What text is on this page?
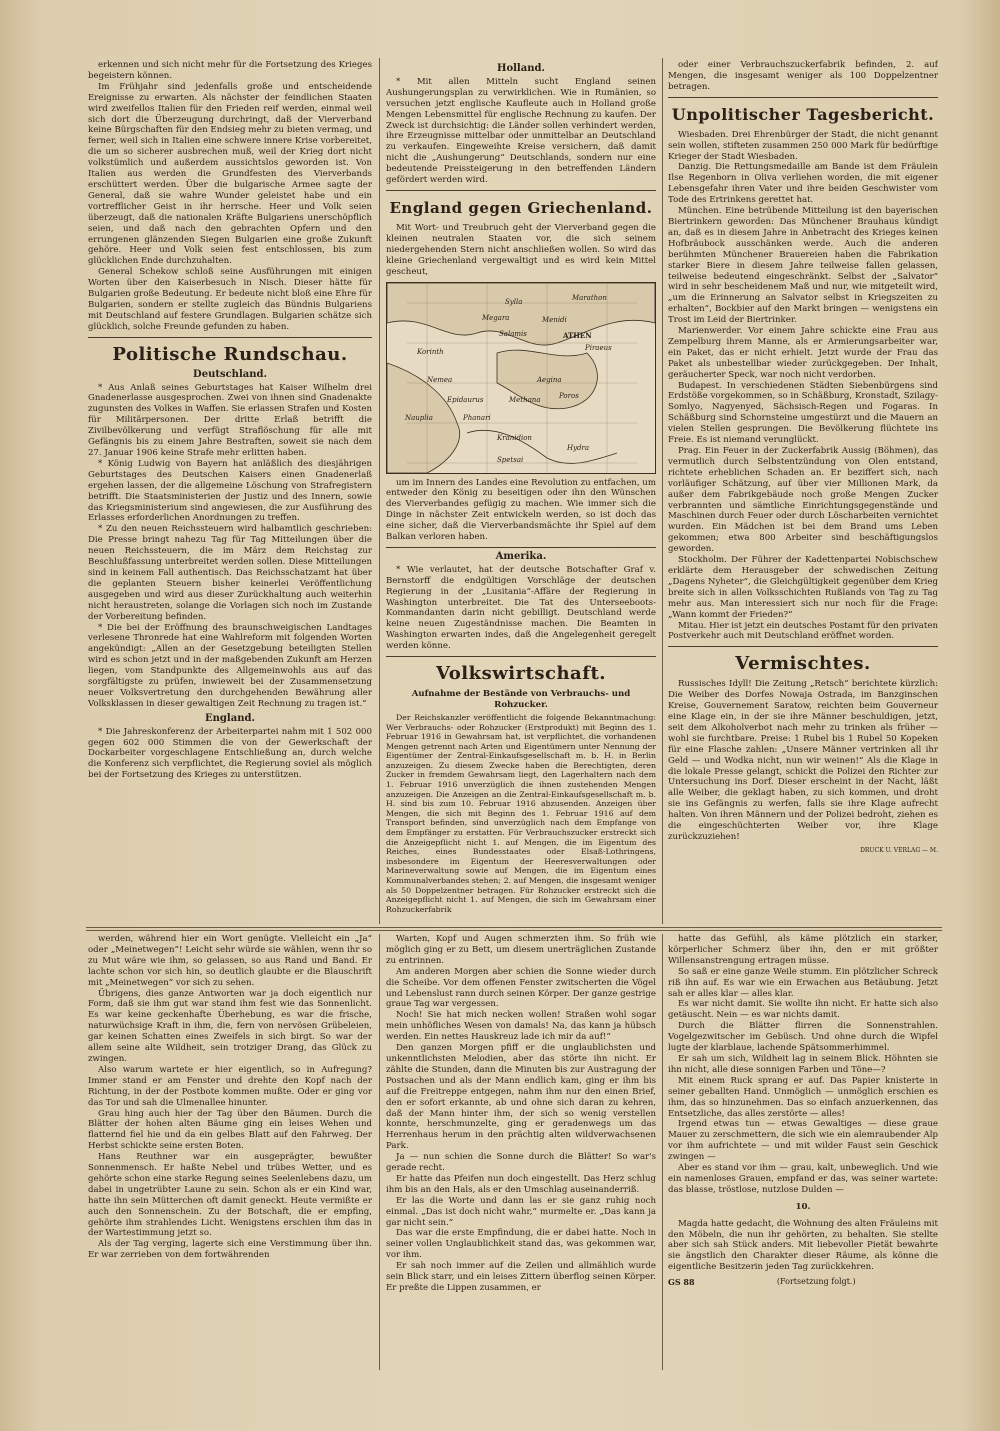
erkennen und sich nicht mehr für die Fortsetzung des Krieges begeistern können.

Im Frühjahr sind jedenfalls große und entscheidende Ereignisse zu erwarten. Als nächster der feindlichen Staaten wird zweifellos Italien für den Frieden reif werden, einmal weil sich dort die Überzeugung durchringt, daß der Vierverband keine Bürgschaften für den Endsieg mehr zu bieten vermag, und ferner, weil sich in Italien eine schwere innere Krise vorbereitet, die um so sicherer ausbrechen muß, weil der Krieg dort nicht volkstümlich und außerdem aussichtslos geworden ist. Von Italien aus werden die Grundfesten des Vierverbands erschüttert werden. Über die bulgarische Armee sagte der General, daß sie wahre Wunder geleistet habe und ein vortrefflicher Geist in ihr herrsche. Heer und Volk seien überzeugt, daß die nationalen Kräfte Bulgariens unerschöpflich seien, und daß nach den gebrachten Opfern und den errungenen glänzenden Siegen Bulgarien eine große Zukunft gehöre. Heer und Volk seien fest entschlossen, bis zum glücklichen Ende durchzuhalten.

General Schekow schloß seine Ausführungen mit einigen Worten über den Kaiserbesuch in Nisch. Dieser hätte für Bulgarien große Bedeutung. Er bedeute nicht bloß eine Ehre für Bulgarien, sondern er stellte zugleich das Bündnis Bulgariens mit Deutschland auf festere Grundlagen. Bulgarien schätze sich glücklich, solche Freunde gefunden zu haben.

Politische Rundschau.
Deutschland.

* Aus Anlaß seines Geburtstages hat Kaiser Wilhelm drei Gnadenerlasse ausgesprochen. Zwei von ihnen sind Gnadenakte zugunsten des Volkes in Waffen. Sie erlassen Strafen und Kosten für Militärpersonen. Der dritte Erlaß betrifft die Zivilbevölkerung und verfügt Straflöschung für alle mit Gefängnis bis zu einem Jahre Bestraften, soweit sie nach dem 27. Januar 1906 keine Strafe mehr erlitten haben.

* König Ludwig von Bayern hat anläßlich des diesjährigen Geburtstages des Deutschen Kaisers einen Gnadenerlaß ergehen lassen, der die allgemeine Löschung von Strafregistern betrifft. Die Staatsministerien der Justiz und des Innern, sowie das Kriegsministerium sind angewiesen, die zur Ausführung des Erlasses erforderlichen Anordnungen zu treffen.

* Zu den neuen Reichssteuern wird halbamtlich geschrieben: Die Presse bringt nahezu Tag für Tag Mitteilungen über die neuen Reichssteuern, die im März dem Reichstag zur Beschlußfassung unterbreitet werden sollen. Diese Mitteilungen sind in keinem Fall authentisch. Das Reichsschatzamt hat über die geplanten Steuern bisher keinerlei Veröffentlichung ausgegeben und wird aus dieser Zurückhaltung auch weiterhin nicht heraustreten, solange die Vorlagen sich noch im Zustande der Vorbereitung befinden.

* Die bei der Eröffnung des braunschweigischen Landtages verlesene Thronrede hat eine Wahlreform mit folgenden Worten angekündigt: „Allen an der Gesetzgebung beteiligten Stellen wird es schon jetzt und in der maßgebenden Zukunft am Herzen liegen, vom Standpunkte des Allgemeinwohls aus auf das sorgfältigste zu prüfen, inwieweit bei der Zusammensetzung neuer Volksvertretung den durchgehenden Bewährung aller Volksklassen in dieser gewaltigen Zeit Rechnung zu tragen ist.“

England.

* Die Jahreskonferenz der Arbeiterpartei nahm mit 1 502 000 gegen 602 000 Stimmen die von der Gewerkschaft der Dockarbeiter vorgeschlagene Entschließung an, durch welche die Konferenz sich verpflichtet, die Regierung soviel als möglich bei der Fortsetzung des Krieges zu unterstützen.

Holland.

* Mit allen Mitteln sucht England seinen Aushungerungsplan zu verwirklichen. Wie in Rumänien, so versuchen jetzt englische Kaufleute auch in Holland große Mengen Lebensmittel für englische Rechnung zu kaufen. Der Zweck ist durchsichtig: die Länder sollen verhindert werden, ihre Erzeugnisse mittelbar oder unmittelbar an Deutschland zu verkaufen. Eingeweihte Kreise versichern, daß damit nicht die „Aushungerung“ Deutschlands, sondern nur eine bedeutende Preissteigerung in den betreffenden Ländern gefördert werden wird.

England gegen Griechenland.

Mit Wort- und Treubruch geht der Vierverband gegen die kleinen neutralen Staaten vor, die sich seinem niedergehenden Stern nicht anschließen wollen. So wird das kleine Griechenland vergewaltigt und es wird kein Mittel gescheut,

Sylla	Marathon
Menidi
Megara
Salamis	ATHEN
Piraeus
Korinth
Nemea	Aegina
Epidaurus	Methana	Poros
Phanari
Nauplia
Kranidion
Hydra
Spetsai

um im Innern des Landes eine Revolution zu entfachen, um entweder den König zu beseitigen oder ihn den Wünschen des Vierverbandes gefügig zu machen. Wie immer sich die Dinge in nächster Zeit entwickeln werden, so ist doch das eine sicher, daß die Vierverbandsmächte ihr Spiel auf dem Balkan verloren haben.

Amerika.

* Wie verlautet, hat der deutsche Botschafter Graf v. Bernstorff die endgültigen Vorschläge der deutschen Regierung in der „Lusitania“-Affäre der Regierung in Washington unterbreitet. Die Tat des Unterseeboots-Kommandanten darin nicht gebilligt. Deutschland werde keine neuen Zugeständnisse machen. Die Beamten in Washington erwarten indes, daß die Angelegenheit geregelt werden könne.

Volkswirtschaft.
Aufnahme der Bestände von Verbrauchs- und Rohzucker.

Der Reichskanzler veröffentlicht die folgende Bekanntmachung: Wer Verbrauchs- oder Rohzucker (Erstprodukt) mit Beginn des 1. Februar 1916 in Gewahrsam hat, ist verpflichtet, die vorhandenen Mengen getrennt nach Arten und Eigentümern unter Nennung der Eigentümer der Zentral-Einkaufsgesellschaft m. b. H. in Berlin anzuzeigen. Zu diesem Zwecke haben die Berechtigten, deren Zucker in fremdem Gewahrsam liegt, den Lagerhaltern nach dem 1. Februar 1916 unverzüglich die ihnen zustehenden Mengen anzuzeigen. Die Anzeigen an die Zentral-Einkaufsgesellschaft m. b. H. sind bis zum 10. Februar 1916 abzusenden. Anzeigen über Mengen, die sich mit Beginn des 1. Februar 1916 auf dem Transport befinden, sind unverzüglich nach dem Empfange von dem Empfänger zu erstatten. Für Verbrauchszucker erstreckt sich die Anzeigepflicht nicht 1. auf Mengen, die im Eigentum des Reiches, eines Bundesstaates oder Elsaß-Lothringens, insbesondere im Eigentum der Heeresverwaltungen oder Marineverwaltung sowie auf Mengen, die im Eigentum eines Kommunalverbandes stehen; 2. auf Mengen, die insgesamt weniger als 50 Doppelzentner betragen. Für Rohzucker erstreckt sich die Anzeigepflicht nicht 1. auf Mengen, die sich im Gewahrsam einer Rohzuckerfabrik

oder einer Verbrauchszuckerfabrik befinden, 2. auf Mengen, die insgesamt weniger als 100 Doppelzentner betragen.

Unpolitischer Tagesbericht.

Wiesbaden. Drei Ehrenbürger der Stadt, die nicht genannt sein wollen, stifteten zusammen 250 000 Mark für bedürftige Krieger der Stadt Wiesbaden.

Danzig. Die Rettungsmedaille am Bande ist dem Fräulein Ilse Regenborn in Oliva verliehen worden, die mit eigener Lebensgefahr ihren Vater und ihre beiden Geschwister vom Tode des Ertrinkens gerettet hat.

München. Eine betrübende Mitteilung ist den bayerischen Biertrinkern geworden: Das Münchener Brauhaus kündigt an, daß es in diesem Jahre in Anbetracht des Krieges keinen Hofbräubock ausschänken werde. Auch die anderen berühmten Münchener Brauereien haben die Fabrikation starker Biere in diesem Jahre teilweise fallen gelassen, teilweise bedeutend eingeschränkt. Selbst der „Salvator“ wird in sehr bescheidenem Maß und nur, wie mitgeteilt wird, „um die Erinnerung an Salvator selbst in Kriegszeiten zu erhalten“, Bockbier auf den Markt bringen — wenigstens ein Trost im Leid der Biertrinker.

Marienwerder. Vor einem Jahre schickte eine Frau aus Zempelburg ihrem Manne, als er Armierungsarbeiter war, ein Paket, das er nicht erhielt. Jetzt wurde der Frau das Paket als unbestellbar wieder zurückgegeben. Der Inhalt, geräucherter Speck, war noch nicht verdorben.

Budapest. In verschiedenen Städten Siebenbürgens sind Erdstöße vorgekommen, so in Schäßburg, Kronstadt, Szilagy-Somlyo, Nagyenyed, Sächsisch-Regen und Fogaras. In Schäßburg sind Schornsteine umgestürzt und die Mauern an vielen Stellen gesprungen. Die Bevölkerung flüchtete ins Freie. Es ist niemand verunglückt.

Prag. Ein Feuer in der Zuckerfabrik Aussig (Böhmen), das vermutlich durch Selbstentzündung von Olen entstand, richtete erheblichen Schaden an. Er beziffert sich, nach vorläufiger Schätzung, auf über vier Millionen Mark, da außer dem Fabrikgebäude noch große Mengen Zucker verbrannten und sämtliche Einrichtungsgegenstände und Maschinen durch Feuer oder durch Löscharbeiten vernichtet wurden. Ein Mädchen ist bei dem Brand ums Leben gekommen; etwa 800 Arbeiter sind beschäftigungslos geworden.

Stockholm. Der Führer der Kadettenpartei Nobischschew erklärte dem Herausgeber der schwedischen Zeitung „Dagens Nyheter“, die Gleichgültigkeit gegenüber dem Krieg breite sich in allen Volksschichten Rußlands von Tag zu Tag mehr aus. Man interessiert sich nur noch für die Frage: „Wann kommt der Frieden?“

Mitau. Hier ist jetzt ein deutsches Postamt für den privaten Postverkehr auch mit Deutschland eröffnet worden.

Vermischtes.

Russisches Idyll! Die Zeitung „Retsch“ berichtete kürzlich: Die Weiber des Dorfes Nowaja Ostrada, im Banzginschen Kreise, Gouvernement Saratow, reichten beim Gouverneur eine Klage ein, in der sie ihre Männer beschuldigen, jetzt, seit dem Alkoholverbot nach mehr zu trinken als früher — wohl sie furchtbare. Preise: 1 Rubel bis 1 Rubel 50 Kopeken für eine Flasche zahlen: „Unsere Männer vertrinken all ihr Geld — und Wodka nicht, nun wir weinen!“ Als die Klage in die lokale Presse gelangt, schickt die Polizei den Richter zur Untersuchung ins Dorf. Dieser erscheint in der Nacht, läßt alle Weiber, die geklagt haben, zu sich kommen, und droht sie ins Gefängnis zu werfen, falls sie ihre Klage aufrecht halten. Von ihren Männern und der Polizei bedroht, ziehen es die eingeschüchterten Weiber vor, ihre Klage zurückzuziehen!

DRUCK U. VERLAG — M.

werden, während hier ein Wort genügte. Vielleicht ein „Ja“ oder „Meinetwegen“! Leicht sehr würde sie wählen, wenn ihr so zu Mut wäre wie ihm, so gelassen, so aus Rand und Band. Er lachte schon vor sich hin, so deutlich glaubte er die Blauschrift mit „Meinetwegen“ vor sich zu sehen.

Übrigens, dies ganze Antworten war ja doch eigentlich nur Form, daß sie ihm gut war stand ihm fest wie das Sonnenlicht. Es war keine geckenhafte Überhebung, es war die frische, naturwüchsige Kraft in ihm, die, fern von nervösen Grübeleien, gar keinen Schatten eines Zweifels in sich birgt. So war der allem seine alte Wildheit, sein trotziger Drang, das Glück zu zwingen.

Also warum wartete er hier eigentlich, so in Aufregung? Immer stand er am Fenster und drehte den Kopf nach der Richtung, in der der Postbote kommen mußte. Oder er ging vor das Tor und sah die Ulmenallee hinunter.

Grau hing auch hier der Tag über den Bäumen. Durch die Blätter der hohen alten Bäume ging ein leises Wehen und flatternd fiel hie und da ein gelbes Blatt auf den Fahrweg. Der Herbst schickte seine ersten Boten.

Hans Reuthner war ein ausgeprägter, bewußter Sonnenmensch. Er haßte Nebel und trübes Wetter, und es gehörte schon eine starke Regung seines Seelenlebens dazu, um dabei in ungetrübter Laune zu sein. Schon als er ein Kind war, hatte ihn sein Mütterchen oft damit geneckt. Heute vermißte er auch den Sonnenschein. Zu der Botschaft, die er empfing, gehörte ihm strahlendes Licht. Wenigstens erschien ihm das in der Wartestimmung jetzt so.

Als der Tag verging, lagerte sich eine Verstimmung über ihn. Er war zerrieben von dem fortwährenden

Warten, Kopf und Augen schmerzten ihm. So früh wie möglich ging er zu Bett, um diesem unerträglichen Zustande zu entrinnen.

Am anderen Morgen aber schien die Sonne wieder durch die Scheibe. Vor dem offenen Fenster zwitscherten die Vögel und Lebenslust rann durch seinen Körper. Der ganze gestrige graue Tag war vergessen.

Noch! Sie hat mich necken wollen! Straßen wohl sogar mein unhöfliches Wesen von damals! Na, das kann ja hübsch werden. Ein nettes Hauskreuz lade ich mir da auf!“

Den ganzen Morgen pfiff er die unglaublichsten und unkenntlichsten Melodien, aber das störte ihn nicht. Er zählte die Stunden, dann die Minuten bis zur Austragung der Postsachen und als der Mann endlich kam, ging er ihm bis auf die Freitreppe entgegen, nahm ihm nur den einen Brief, den er sofort erkannte, ab und ohne sich daran zu kehren, daß der Mann hinter ihm, der sich so wenig verstellen konnte, herschmunzelte, ging er geradenwegs um das Herrenhaus herum in den prächtig alten wildverwachsenen Park.

Ja — nun schien die Sonne durch die Blätter! So war's gerade recht.

Er hatte das Pfeifen nun doch eingestellt. Das Herz schlug ihm bis an den Hals, als er den Umschlag auseinanderriß.

Er las die Worte und dann las er sie ganz ruhig noch einmal. „Das ist doch nicht wahr,“ murmelte er. „Das kann ja gar nicht sein.“

Das war die erste Empfindung, die er dabei hatte. Noch in seiner vollen Unglaublichkeit stand das, was gekommen war, vor ihm.

Er sah noch immer auf die Zeilen und allmählich wurde sein Blick starr, und ein leises Zittern überflog seinen Körper. Er preßte die Lippen zusammen, er

hatte das Gefühl, als käme plötzlich ein starker, körperlicher Schmerz über ihn, den er mit größter Willensanstrengung ertragen müsse.

So saß er eine ganze Weile stumm. Ein plötzlicher Schreck riß ihn auf. Es war wie ein Erwachen aus Betäubung. Jetzt sah er alles klar — alles klar.

Es war nicht damit. Sie wollte ihn nicht. Er hatte sich also getäuscht. Nein — es war nichts damit.

Durch die Blätter flirren die Sonnenstrahlen. Vogelgezwitscher im Gebüsch. Und ohne durch die Wipfel lugte der klarblaue, lachende Spätsommerhimmel.

Er sah um sich, Wildheit lag in seinem Blick. Höhnten sie ihn nicht, alle diese sonnigen Farben und Töne—?

Mit einem Ruck sprang er auf. Das Papier knisterte in seiner geballten Hand. Unmöglich — unmöglich erschien es ihm, das so hinzunehmen. Das so einfach anzuerkennen, das Entsetzliche, das alles zerstörte — alles!

Irgend etwas tun — etwas Gewaltiges — diese graue Mauer zu zerschmettern, die sich wie ein alemraubender Alp vor ihm aufrichtete — und mit wilder Faust sein Geschick zwingen —

Aber es stand vor ihm — grau, kalt, unbeweglich. Und wie ein namenloses Grauen, empfand er das, was seiner wartete: das blasse, tröstlose, nutzlose Dulden —

10.

Magda hatte gedacht, die Wohnung des alten Fräuleins mit den Möbeln, die nun ihr gehörten, zu behalten. Sie stellte aber sich sah Stück anders. Mit liebevoller Pietät bewahrte sie ängstlich den Charakter dieser Räume, als könne die eigentliche Besitzerin jeden Tag zurückkehren.

GS 88	(Fortsetzung folgt.)
